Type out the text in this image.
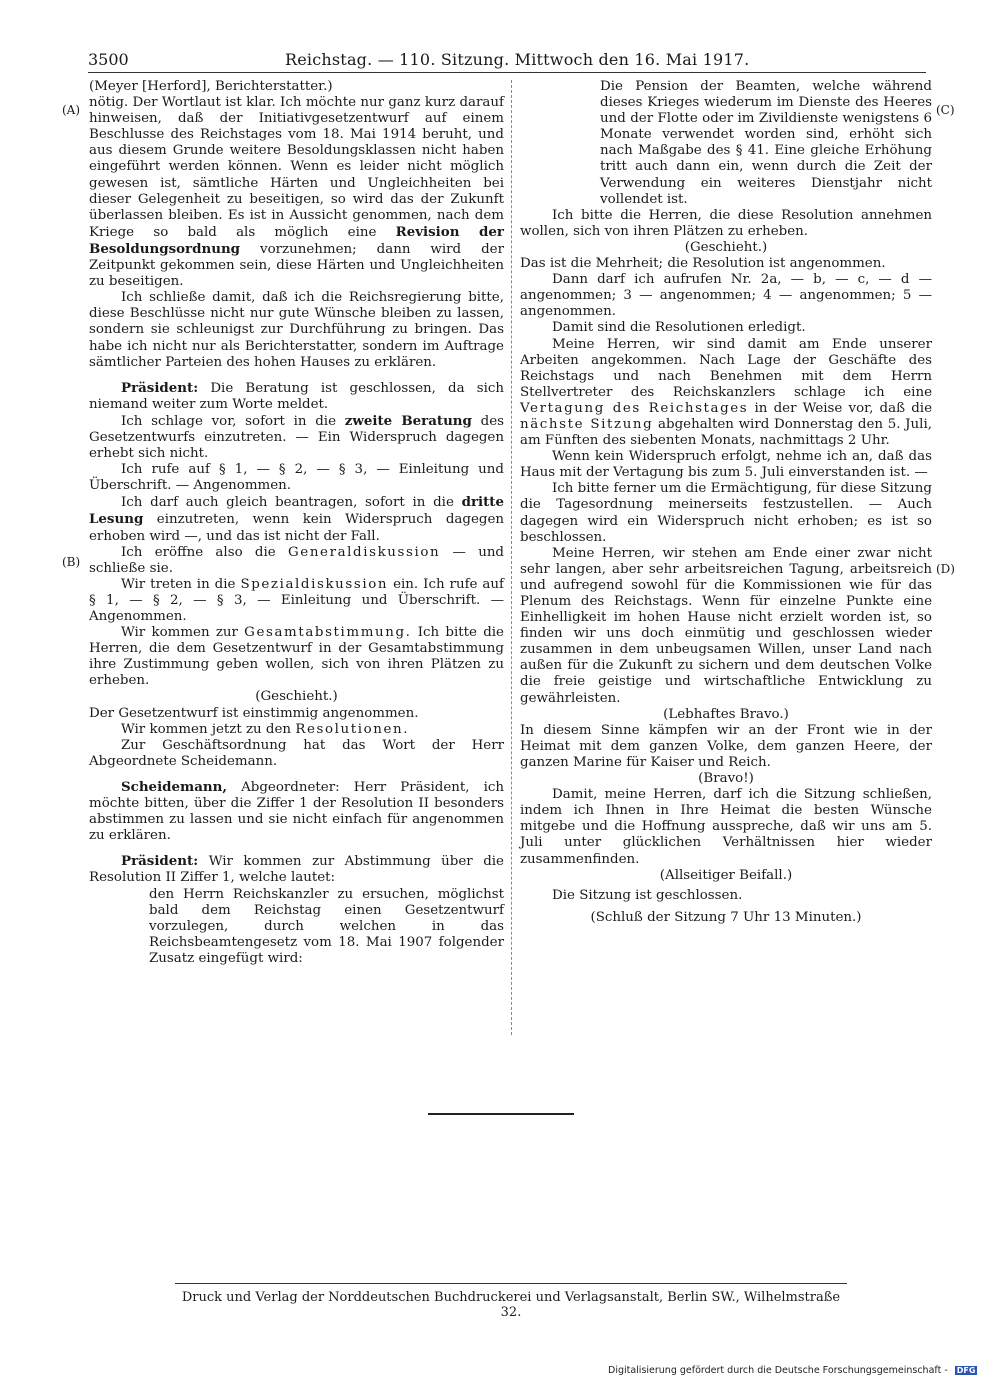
3500	Reichstag. — 110. Sitzung. Mittwoch den 16. Mai 1917.
(A)
(B)
(C)
(D)

(Meyer [Herford], Berichterstatter.)

nötig. Der Wortlaut ist klar. Ich möchte nur ganz kurz darauf hinweisen, daß der Initiativgesetzentwurf auf einem Beschlusse des Reichstages vom 18. Mai 1914 beruht, und aus diesem Grunde weitere Besoldungsklassen nicht haben eingeführt werden können. Wenn es leider nicht möglich gewesen ist, sämtliche Härten und Ungleichheiten bei dieser Gelegenheit zu beseitigen, so wird das der Zukunft überlassen bleiben. Es ist in Aussicht genommen, nach dem Kriege so bald als möglich eine Revision der Besoldungsordnung vorzunehmen; dann wird der Zeitpunkt gekommen sein, diese Härten und Ungleichheiten zu beseitigen.

Ich schließe damit, daß ich die Reichsregierung bitte, diese Beschlüsse nicht nur gute Wünsche bleiben zu lassen, sondern sie schleunigst zur Durchführung zu bringen. Das habe ich nicht nur als Berichterstatter, sondern im Auftrage sämtlicher Parteien des hohen Hauses zu erklären.

Präsident: Die Beratung ist geschlossen, da sich niemand weiter zum Worte meldet.

Ich schlage vor, sofort in die zweite Beratung des Gesetzentwurfs einzutreten. — Ein Widerspruch dagegen erhebt sich nicht.

Ich rufe auf § 1, — § 2, — § 3, — Einleitung und Überschrift. — Angenommen.

Ich darf auch gleich beantragen, sofort in die dritte Lesung einzutreten, wenn kein Widerspruch dagegen erhoben wird —, und das ist nicht der Fall.

Ich eröffne also die Generaldiskussion — und schließe sie.

Wir treten in die Spezialdiskussion ein. Ich rufe auf § 1, — § 2, — § 3, — Einleitung und Überschrift. — Angenommen.

Wir kommen zur Gesamtabstimmung. Ich bitte die Herren, die dem Gesetzentwurf in der Gesamtabstimmung ihre Zustimmung geben wollen, sich von ihren Plätzen zu erheben.

(Geschieht.)

Der Gesetzentwurf ist einstimmig angenommen.

Wir kommen jetzt zu den Resolutionen.

Zur Geschäftsordnung hat das Wort der Herr Abgeordnete Scheidemann.

Scheidemann, Abgeordneter: Herr Präsident, ich möchte bitten, über die Ziffer 1 der Resolution II besonders abstimmen zu lassen und sie nicht einfach für angenommen zu erklären.

Präsident: Wir kommen zur Abstimmung über die Resolution II Ziffer 1, welche lautet:

den Herrn Reichskanzler zu ersuchen, möglichst bald dem Reichstag einen Gesetzentwurf vorzulegen, durch welchen in das Reichsbeamtengesetz vom 18. Mai 1907 folgender Zusatz eingefügt wird:

Die Pension der Beamten, welche während dieses Krieges wiederum im Dienste des Heeres und der Flotte oder im Zivildienste wenigstens 6 Monate verwendet worden sind, erhöht sich nach Maßgabe des § 41. Eine gleiche Erhöhung tritt auch dann ein, wenn durch die Zeit der Verwendung ein weiteres Dienstjahr nicht vollendet ist.

Ich bitte die Herren, die diese Resolution annehmen wollen, sich von ihren Plätzen zu erheben.

(Geschieht.)

Das ist die Mehrheit; die Resolution ist angenommen.

Dann darf ich aufrufen Nr. 2a, — b, — c, — d — angenommen; 3 — angenommen; 4 — angenommen; 5 — angenommen.

Damit sind die Resolutionen erledigt.

Meine Herren, wir sind damit am Ende unserer Arbeiten angekommen. Nach Lage der Geschäfte des Reichstags und nach Benehmen mit dem Herrn Stellvertreter des Reichskanzlers schlage ich eine Vertagung des Reichstages in der Weise vor, daß die nächste Sitzung abgehalten wird Donnerstag den 5. Juli, am Fünften des siebenten Monats, nachmittags 2 Uhr.

Wenn kein Widerspruch erfolgt, nehme ich an, daß das Haus mit der Vertagung bis zum 5. Juli einverstanden ist. —

Ich bitte ferner um die Ermächtigung, für diese Sitzung die Tagesordnung meinerseits festzustellen. — Auch dagegen wird ein Widerspruch nicht erhoben; es ist so beschlossen.

Meine Herren, wir stehen am Ende einer zwar nicht sehr langen, aber sehr arbeitsreichen Tagung, arbeitsreich und aufregend sowohl für die Kommissionen wie für das Plenum des Reichstags. Wenn für einzelne Punkte eine Einhelligkeit im hohen Hause nicht erzielt worden ist, so finden wir uns doch einmütig und geschlossen wieder zusammen in dem unbeugsamen Willen, unser Land nach außen für die Zukunft zu sichern und dem deutschen Volke die freie geistige und wirtschaftliche Entwicklung zu gewährleisten.

(Lebhaftes Bravo.)

In diesem Sinne kämpfen wir an der Front wie in der Heimat mit dem ganzen Volke, dem ganzen Heere, der ganzen Marine für Kaiser und Reich.

(Bravo!)

Damit, meine Herren, darf ich die Sitzung schließen, indem ich Ihnen in Ihre Heimat die besten Wünsche mitgebe und die Hoffnung ausspreche, daß wir uns am 5. Juli unter glücklichen Verhältnissen hier wieder zusammenfinden.

(Allseitiger Beifall.)

Die Sitzung ist geschlossen.

(Schluß der Sitzung 7 Uhr 13 Minuten.)

Druck und Verlag der Norddeutschen Buchdruckerei und Verlagsanstalt, Berlin SW., Wilhelmstraße 32.
Digitalisierung gefördert durch die Deutsche Forschungsgemeinschaft - DFG
